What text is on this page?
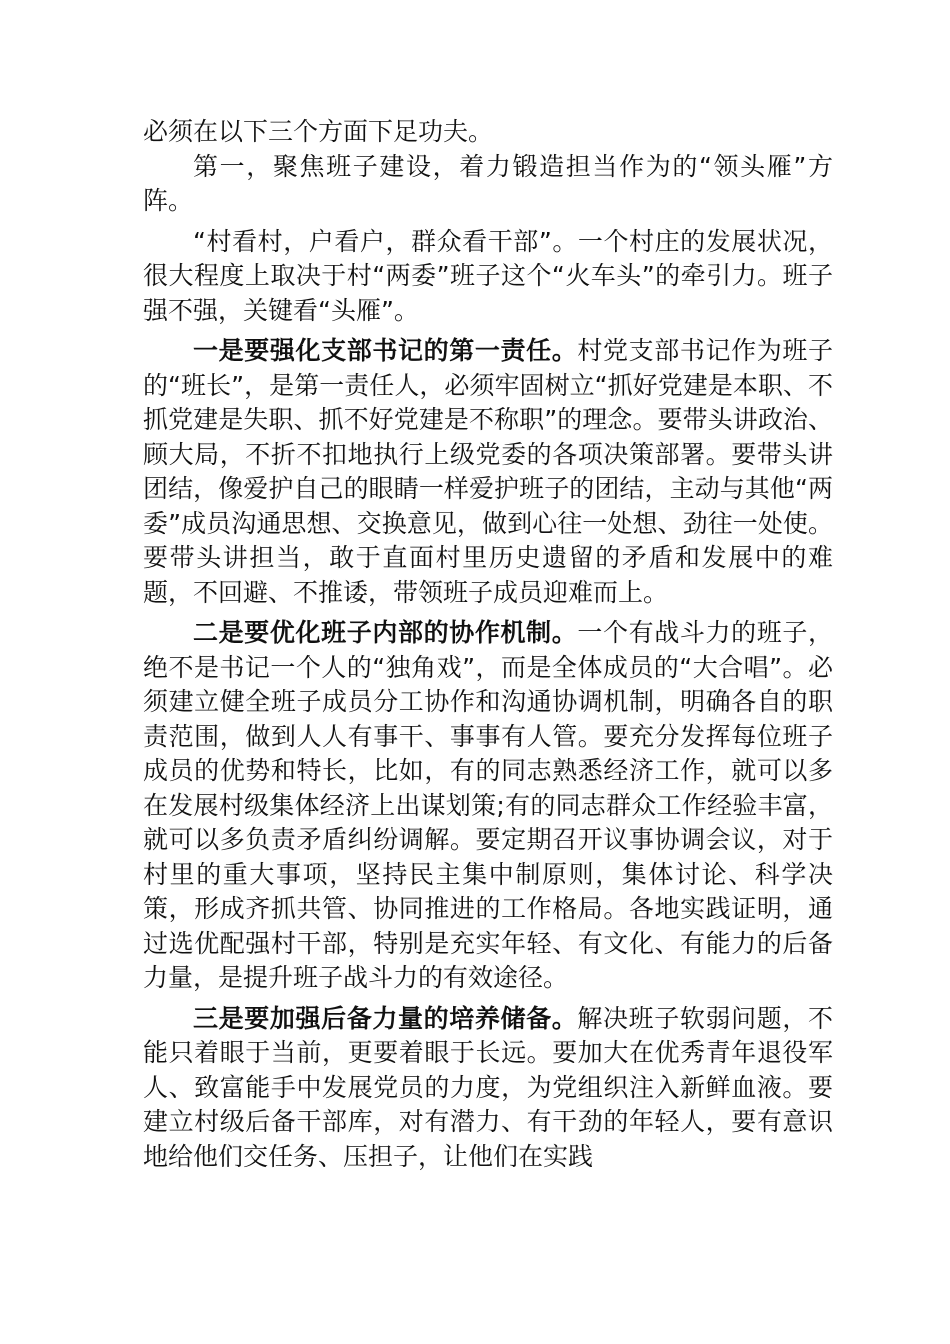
必须在以下三个方面下足功夫。

第一，聚焦班子建设，着力锻造担当作为的“领头雁”方阵。

“村看村，户看户，群众看干部”。一个村庄的发展状况，很大程度上取决于村“两委”班子这个“火车头”的牵引力。班子强不强，关键看“头雁”。

一是要强化支部书记的第一责任。村党支部书记作为班子的“班长”，是第一责任人，必须牢固树立“抓好党建是本职、不抓党建是失职、抓不好党建是不称职”的理念。要带头讲政治、顾大局，不折不扣地执行上级党委的各项决策部署。要带头讲团结，像爱护自己的眼睛一样爱护班子的团结，主动与其他“两委”成员沟通思想、交换意见，做到心往一处想、劲往一处使。要带头讲担当，敢于直面村里历史遗留的矛盾和发展中的难题，不回避、不推诿，带领班子成员迎难而上。

二是要优化班子内部的协作机制。一个有战斗力的班子，绝不是书记一个人的“独角戏”，而是全体成员的“大合唱”。必须建立健全班子成员分工协作和沟通协调机制，明确各自的职责范围，做到人人有事干、事事有人管。要充分发挥每位班子成员的优势和特长，比如，有的同志熟悉经济工作，就可以多在发展村级集体经济上出谋划策;有的同志群众工作经验丰富，就可以多负责矛盾纠纷调解。要定期召开议事协调会议，对于村里的重大事项，坚持民主集中制原则，集体讨论、科学决策，形成齐抓共管、协同推进的工作格局。各地实践证明，通过选优配强村干部，特别是充实年轻、有文化、有能力的后备力量，是提升班子战斗力的有效途径。

三是要加强后备力量的培养储备。解决班子软弱问题，不能只着眼于当前，更要着眼于长远。要加大在优秀青年退役军人、致富能手中发展党员的力度，为党组织注入新鲜血液。要建立村级后备干部库，对有潜力、有干劲的年轻人，要有意识地给他们交任务、压担子，让他们在实践
